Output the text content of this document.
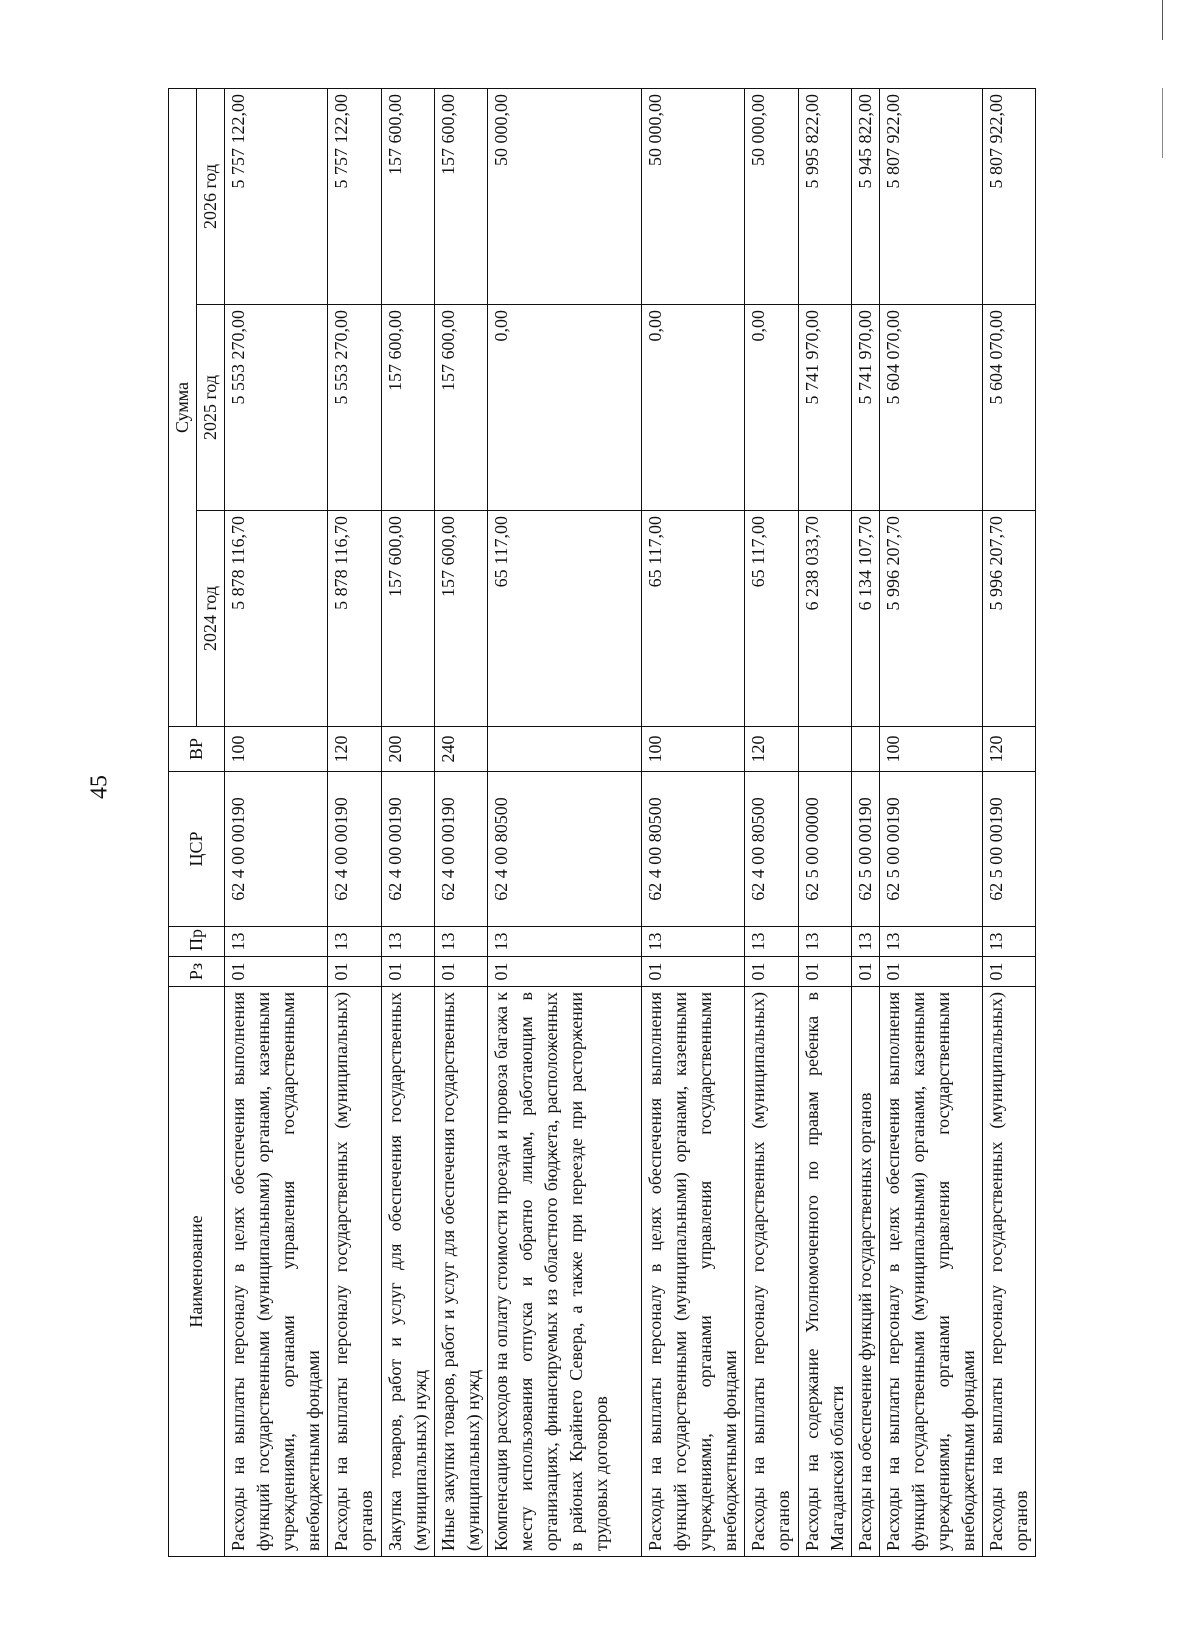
45
Наименование	Рз	Пр	ЦСР	ВР	Сумма		
					2024 год	2025 год	2026 год
Расходы на выплаты персоналу в целях обеспечения выполнения функций государственными (муниципальными) органами, казенными учреждениями, органами управления государственными внебюджетными фондами	01	13	62 4 00 00190	100	5 878 116,70	5 553 270,00	5 757 122,00
Расходы на выплаты персоналу государственных (муниципальных) органов	01	13	62 4 00 00190	120	5 878 116,70	5 553 270,00	5 757 122,00
Закупка товаров, работ и услуг для обеспечения государственных (муниципальных) нужд	01	13	62 4 00 00190	200	157 600,00	157 600,00	157 600,00
Иные закупки товаров, работ и услуг для обеспечения государственных (муниципальных) нужд	01	13	62 4 00 00190	240	157 600,00	157 600,00	157 600,00
Компенсация расходов на оплату стоимости проезда и провоза багажа к месту использования отпуска и обратно лицам, работающим в организациях, финансируемых из областного бюджета, расположенных в районах Крайнего Севера, а также при переезде при расторжении трудовых договоров	01	13	62 4 00 80500		65 117,00	0,00	50 000,00
Расходы на выплаты персоналу в целях обеспечения выполнения функций государственными (муниципальными) органами, казенными учреждениями, органами управления государственными внебюджетными фондами	01	13	62 4 00 80500	100	65 117,00	0,00	50 000,00
Расходы на выплаты персоналу государственных (муниципальных) органов	01	13	62 4 00 80500	120	65 117,00	0,00	50 000,00
Расходы на содержание Уполномоченного по правам ребенка в Магаданской области	01	13	62 5 00 00000		6 238 033,70	5 741 970,00	5 995 822,00
Расходы на обеспечение функций государственных органов	01	13	62 5 00 00190		6 134 107,70	5 741 970,00	5 945 822,00
Расходы на выплаты персоналу в целях обеспечения выполнения функций государственными (муниципальными) органами, казенными учреждениями, органами управления государственными внебюджетными фондами	01	13	62 5 00 00190	100	5 996 207,70	5 604 070,00	5 807 922,00
Расходы на выплаты персоналу государственных (муниципальных) органов	01	13	62 5 00 00190	120	5 996 207,70	5 604 070,00	5 807 922,00
